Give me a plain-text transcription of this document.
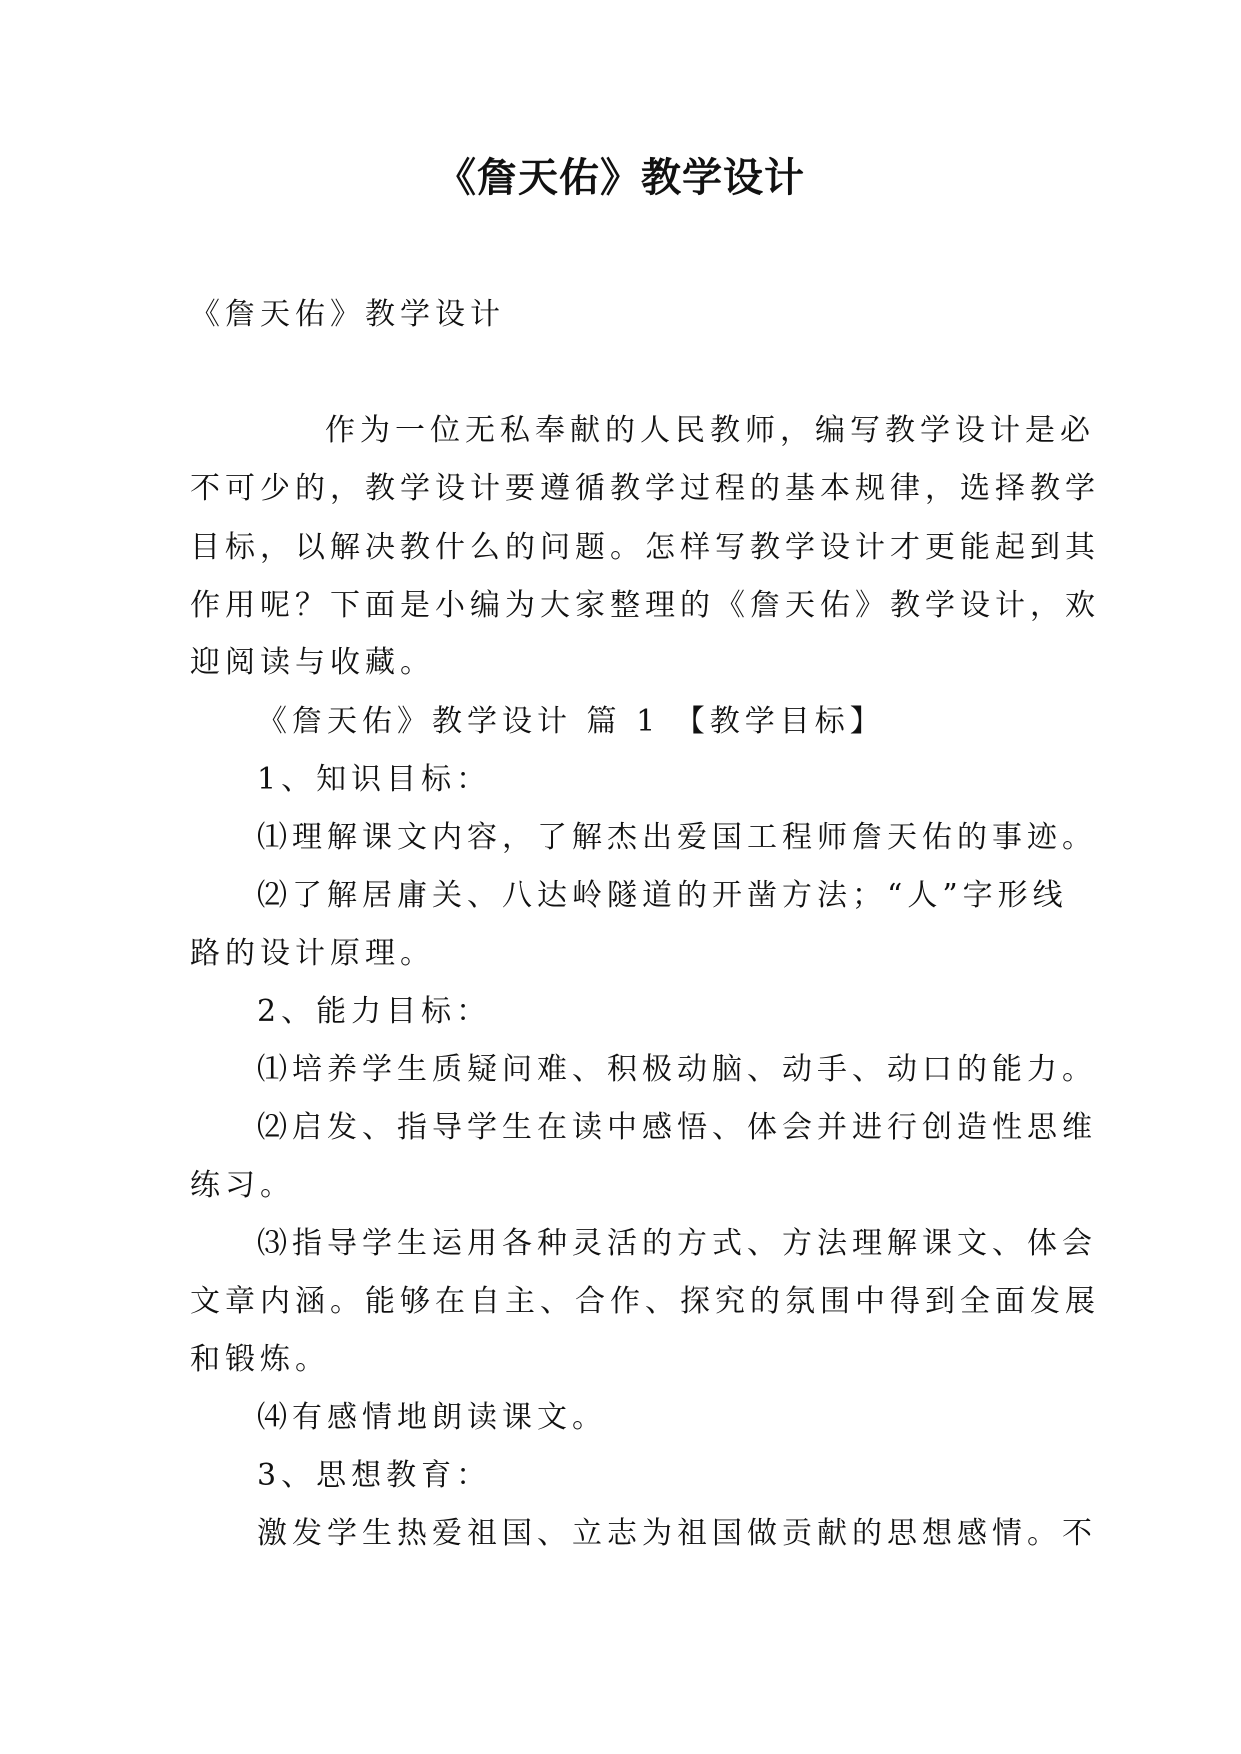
《詹天佑》教学设计
《詹天佑》教学设计
作为一位无私奉献的人民教师，编写教学设计是必
不可少的，教学设计要遵循教学过程的基本规律，选择教学
目标，以解决教什么的问题。怎样写教学设计才更能起到其
作用呢？下面是小编为大家整理的《詹天佑》教学设计，欢
迎阅读与收藏。
《詹天佑》教学设计 篇 1 【教学目标】
1、知识目标：
⑴理解课文内容，了解杰出爱国工程师詹天佑的事迹。
⑵了解居庸关、八达岭隧道的开凿方法；“人”字形线
路的设计原理。
2、能力目标：
⑴培养学生质疑问难、积极动脑、动手、动口的能力。
⑵启发、指导学生在读中感悟、体会并进行创造性思维
练习。
⑶指导学生运用各种灵活的方式、方法理解课文、体会
文章内涵。能够在自主、合作、探究的氛围中得到全面发展
和锻炼。
⑷有感情地朗读课文。
3、思想教育：
激发学生热爱祖国、立志为祖国做贡献的思想感情。不
